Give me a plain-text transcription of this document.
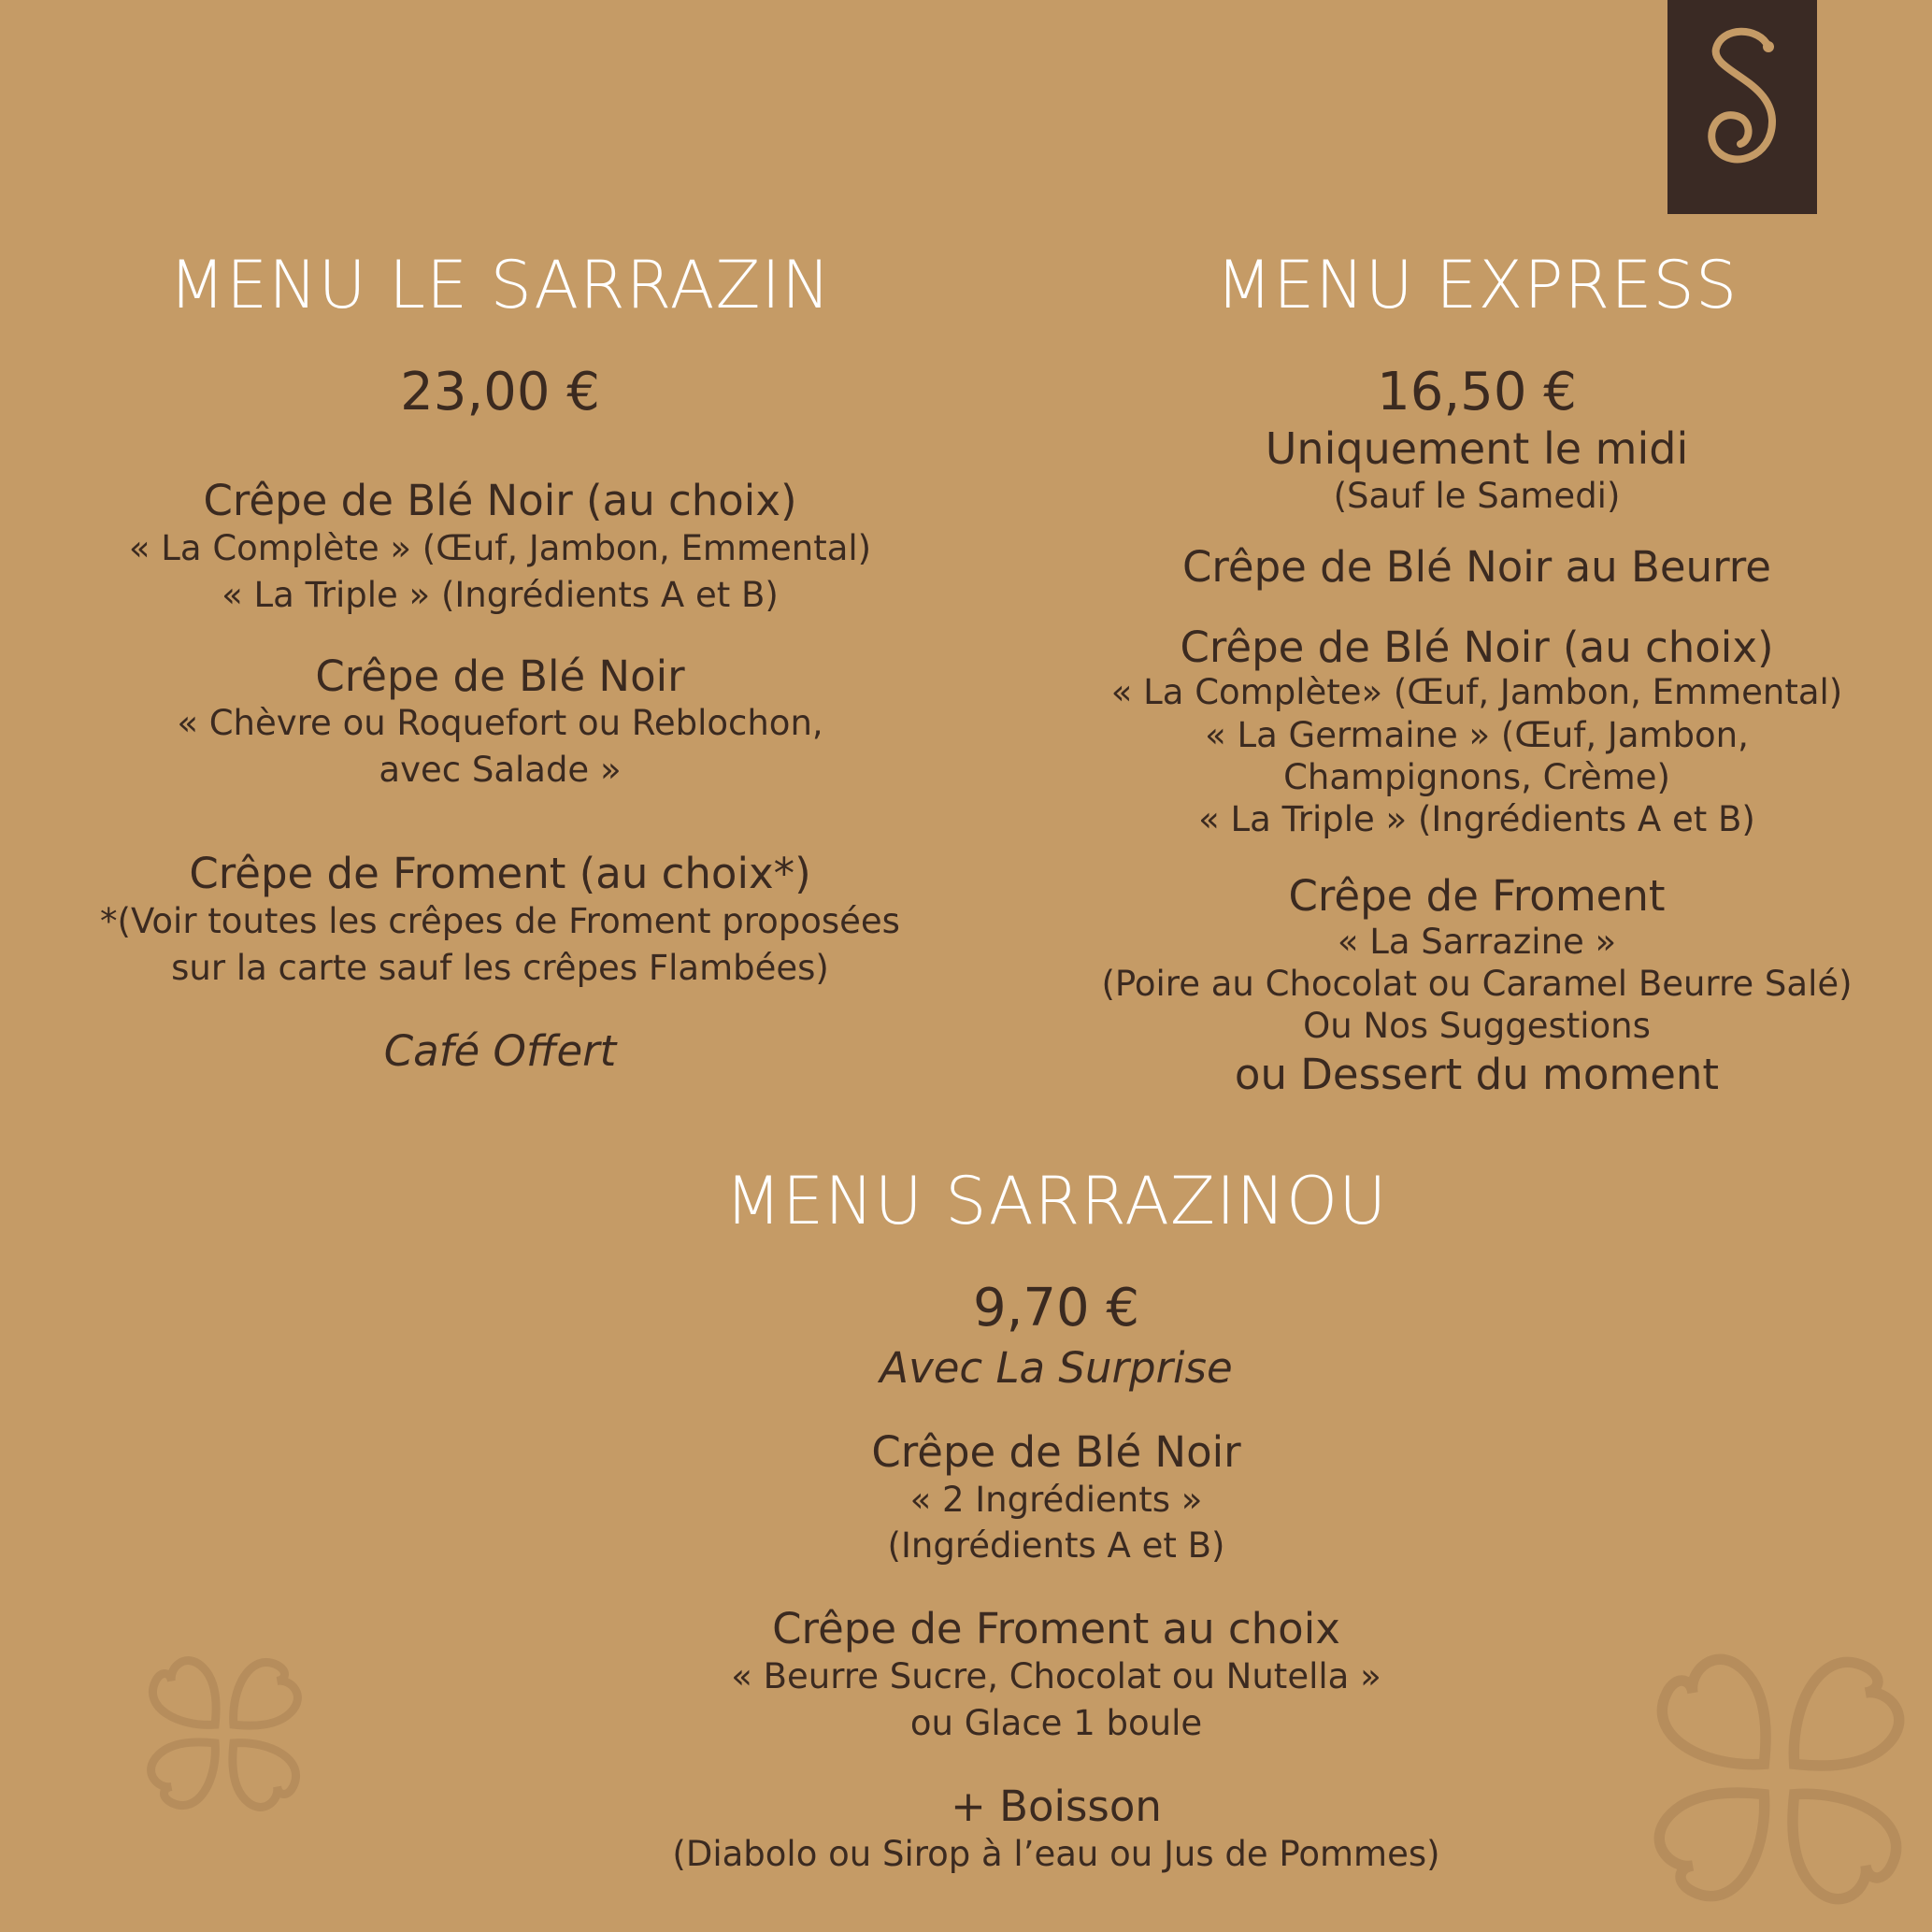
MENU LE SARRAZIN
23,00 €
Crêpe de Blé Noir (au choix)
« La Complète » (Œuf, Jambon, Emmental)
« La Triple » (Ingrédients A et B)
Crêpe de Blé Noir
« Chèvre ou Roquefort ou Reblochon,
avec Salade »
Crêpe de Froment (au choix*)
*(Voir toutes les crêpes de Froment proposées
sur la carte sauf les crêpes Flambées)
Café Offert
MENU EXPRESS
16,50 €
Uniquement le midi
(Sauf le Samedi)
Crêpe de Blé Noir au Beurre
Crêpe de Blé Noir (au choix)
« La Complète» (Œuf, Jambon, Emmental)
« La Germaine » (Œuf, Jambon,
Champignons, Crème)
« La Triple » (Ingrédients A et B)
Crêpe de Froment
« La Sarrazine »
(Poire au Chocolat ou Caramel Beurre Salé)
Ou Nos Suggestions
ou Dessert du moment
MENU SARRAZINOU
9,70 €
Avec La Surprise
Crêpe de Blé Noir
« 2 Ingrédients »
(Ingrédients A et B)
Crêpe de Froment au choix
« Beurre Sucre, Chocolat ou Nutella »
ou Glace 1 boule
+ Boisson
(Diabolo ou Sirop à l’eau ou Jus de Pommes)
